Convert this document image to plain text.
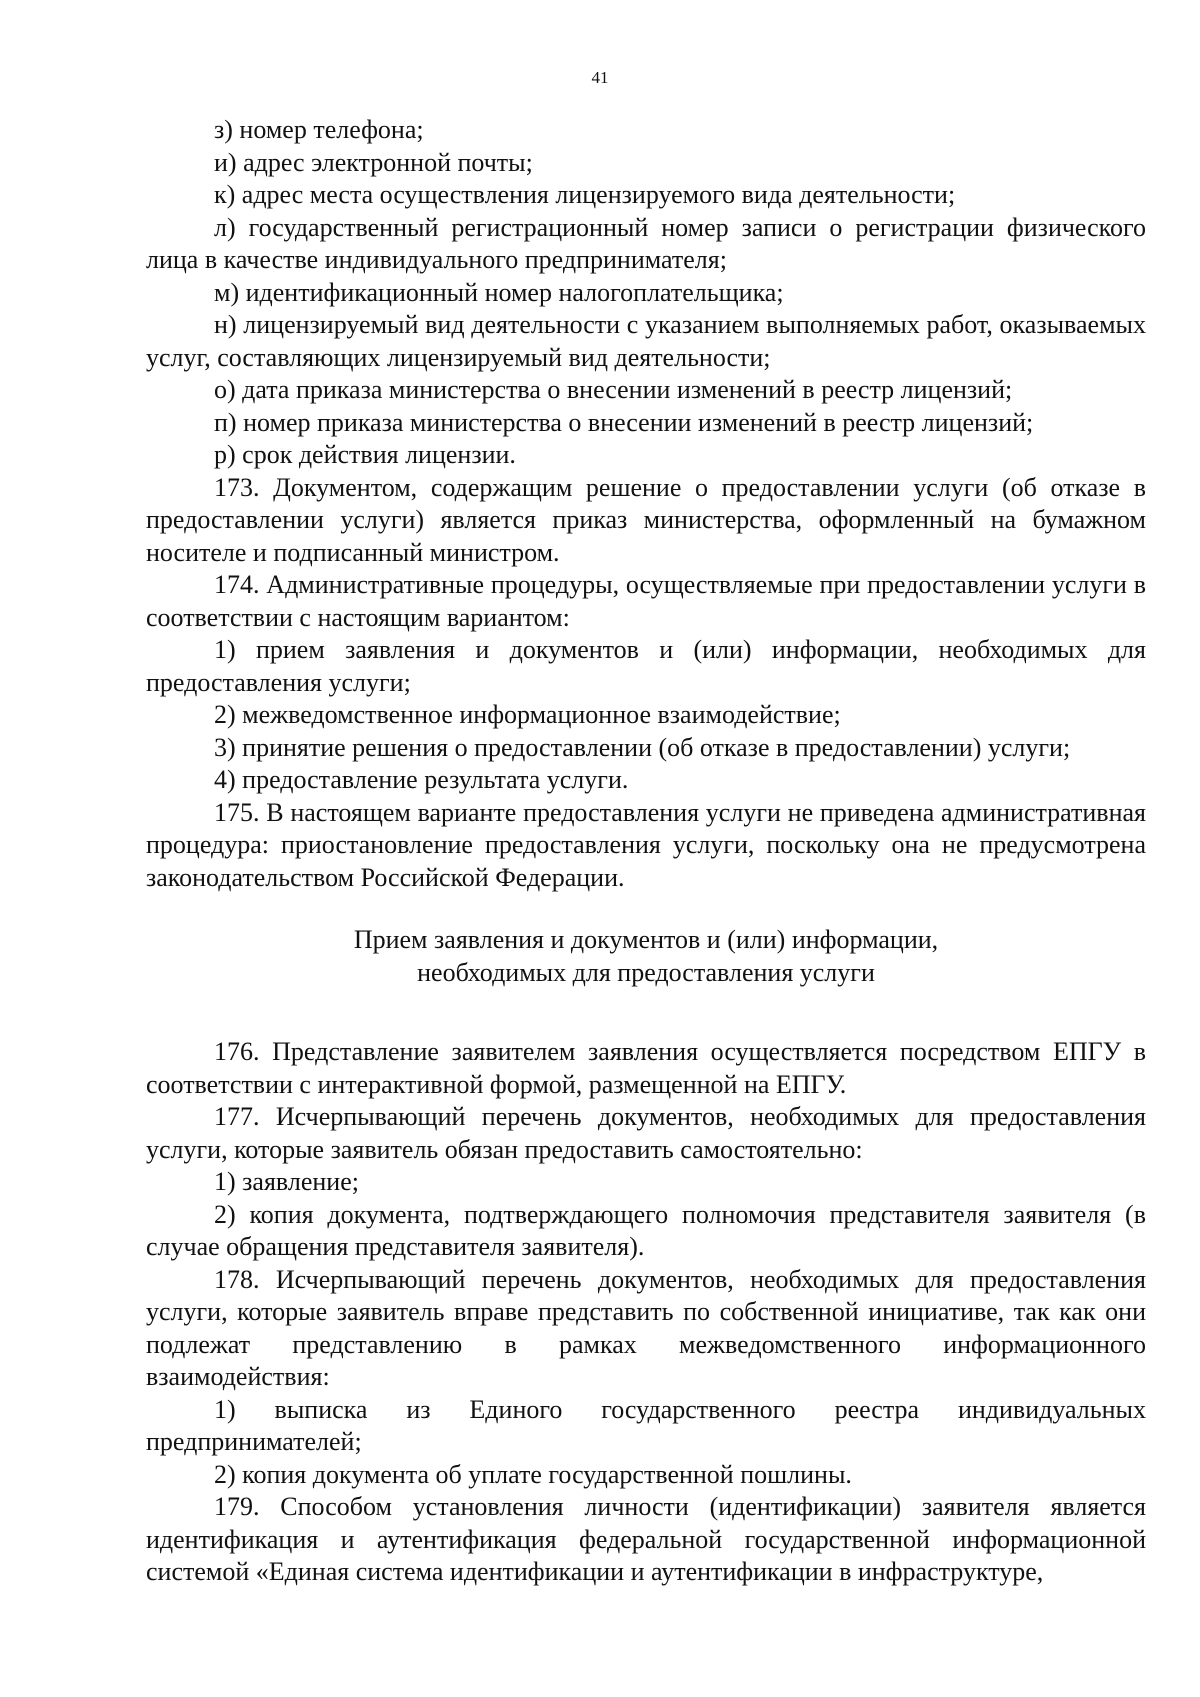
41

з) номер телефона;

и) адрес электронной почты;

к) адрес места осуществления лицензируемого вида деятельности;

л) государственный регистрационный номер записи о регистрации физического лица в качестве индивидуального предпринимателя;

м) идентификационный номер налогоплательщика;

н) лицензируемый вид деятельности с указанием выполняемых работ, оказываемых услуг, составляющих лицензируемый вид деятельности;

о) дата приказа министерства о внесении изменений в реестр лицензий;

п) номер приказа министерства о внесении изменений в реестр лицензий;

р) срок действия лицензии.

173. Документом, содержащим решение о предоставлении услуги (об отказе в предоставлении услуги) является приказ министерства, оформленный на бумажном носителе и подписанный министром.

174. Административные процедуры, осуществляемые при предоставлении услуги в соответствии с настоящим вариантом:

1) прием заявления и документов и (или) информации, необходимых для предоставления услуги;

2) межведомственное информационное взаимодействие;

3) принятие решения о предоставлении (об отказе в предоставлении) услуги;

4) предоставление результата услуги.

175. В настоящем варианте предоставления услуги не приведена административная процедура: приостановление предоставления услуги, поскольку она не предусмотрена законодательством Российской Федерации.

Прием заявления и документов и (или) информации,

необходимых для предоставления услуги

176. Представление заявителем заявления осуществляется посредством ЕПГУ в соответствии с интерактивной формой, размещенной на ЕПГУ.

177. Исчерпывающий перечень документов, необходимых для предоставления услуги, которые заявитель обязан предоставить самостоятельно:

1) заявление;

2) копия документа, подтверждающего полномочия представителя заявителя (в случае обращения представителя заявителя).

178. Исчерпывающий перечень документов, необходимых для предоставления услуги, которые заявитель вправе представить по собственной инициативе, так как они подлежат представлению в рамках межведомственного информационного взаимодействия:

1) выписка из Единого государственного реестра индивидуальных предпринимателей;

2) копия документа об уплате государственной пошлины.

179. Способом установления личности (идентификации) заявителя является идентификация и аутентификация федеральной государственной информационной системой «Единая система идентификации и аутентификации в инфраструктуре,
